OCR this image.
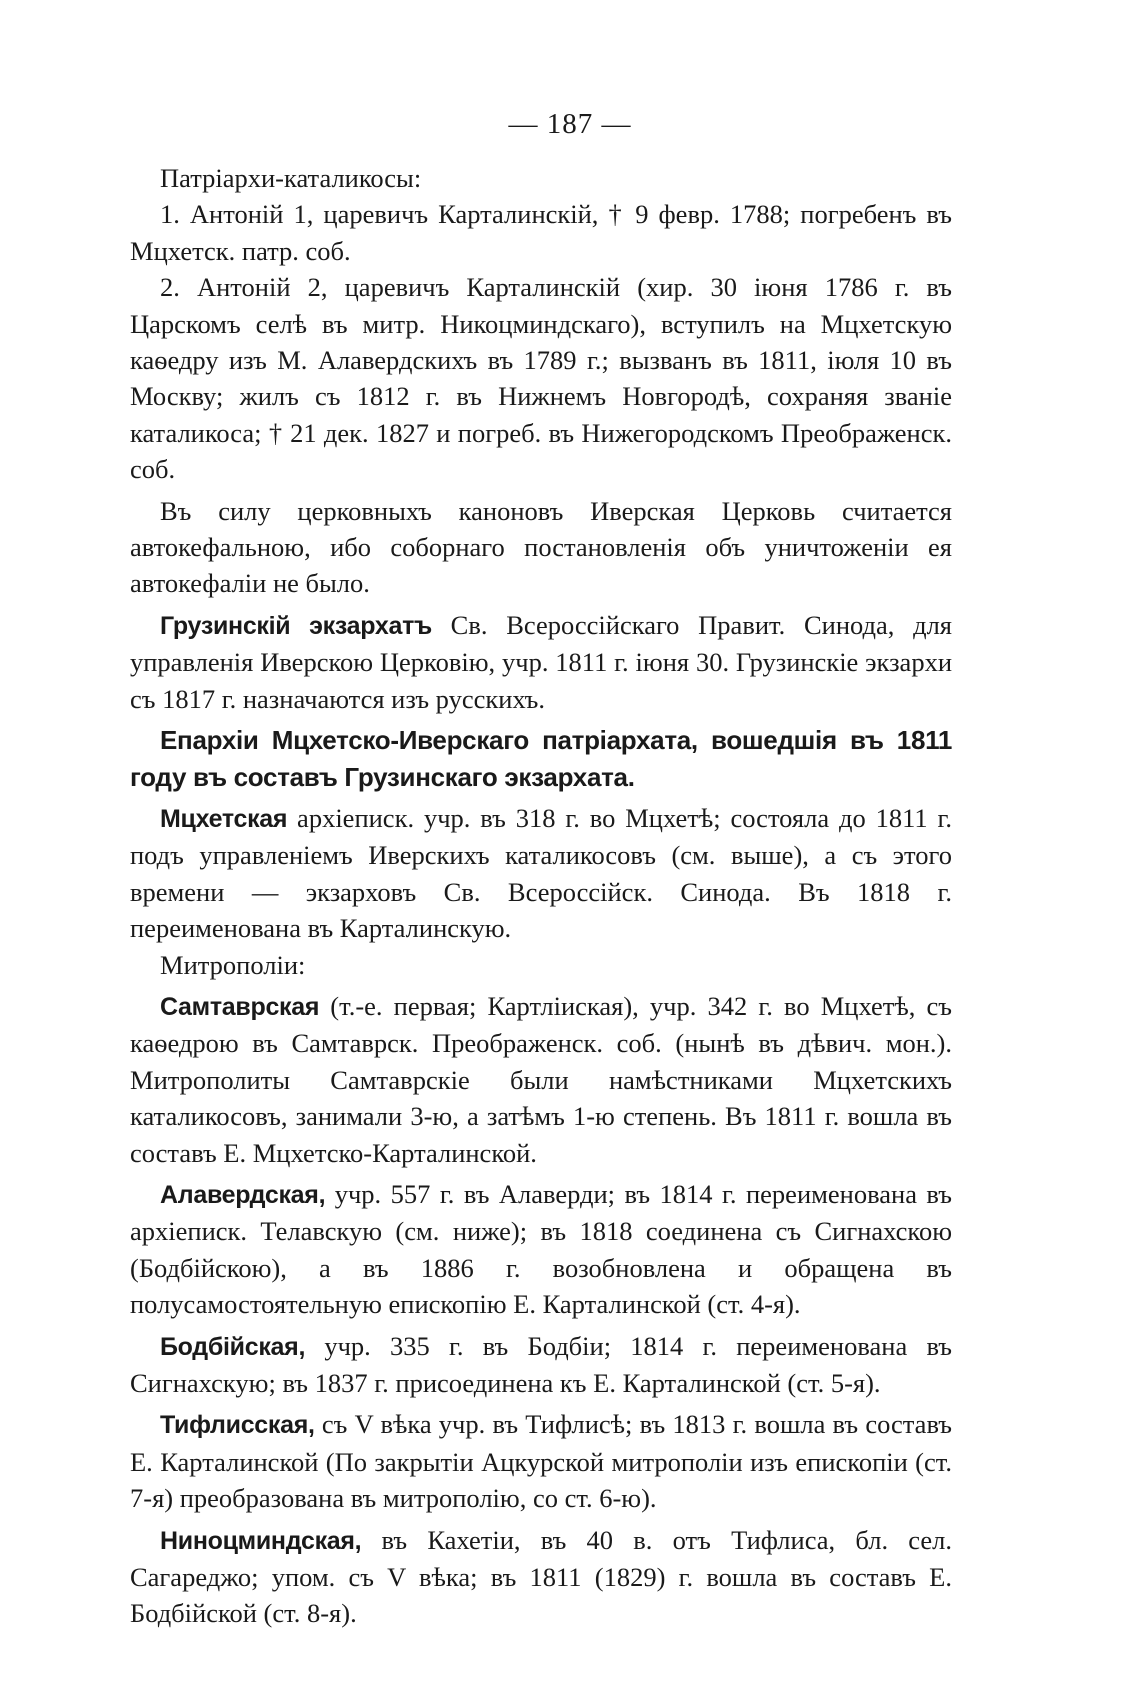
— 187 —

Патріархи-каталикосы:

1. Антоній 1, царевичъ Карталинскій, † 9 февр. 1788; погребенъ въ Мцхетск. патр. соб.

2. Антоній 2, царевичъ Карталинскій (хир. 30 іюня 1786 г. въ Царскомъ селѣ въ митр. Никоцминдскаго), вступилъ на Мцхетскую каѳедру изъ М. Алавердскихъ въ 1789 г.; вызванъ въ 1811, іюля 10 въ Москву; жилъ съ 1812 г. въ Нижнемъ Новгородѣ, сохраняя званіе каталикоса; † 21 дек. 1827 и погреб. въ Нижегородскомъ Преображенск. соб.

Въ силу церковныхъ каноновъ Иверская Церковь считается автокефальною, ибо соборнаго постановленія объ уничтоженіи ея автокефаліи не было.

Грузинскій экзархатъ Св. Всероссійскаго Правит. Синода, для управленія Иверскою Церковію, учр. 1811 г. іюня 30. Грузинскіе экзархи съ 1817 г. назначаются изъ русскихъ.

Епархіи Мцхетско-Иверскаго патріархата, вошедшія въ 1811 году въ составъ Грузинскаго экзархата.

Мцхетская архіеписк. учр. въ 318 г. во Мцхетѣ; состояла до 1811 г. подъ управленіемъ Иверскихъ каталикосовъ (см. выше), а съ этого времени — экзарховъ Св. Всероссійск. Синода. Въ 1818 г. переименована въ Карталинскую.

Митрополіи:

Самтаврская (т.-е. первая; Картлiиская), учр. 342 г. во Мцхетѣ, съ каѳедрою въ Самтаврск. Преображенск. соб. (нынѣ въ дѣвич. мон.). Митрополиты Самтаврскіе были намѣстниками Мцхетскихъ каталикосовъ, занимали 3-ю, а затѣмъ 1-ю степень. Въ 1811 г. вошла въ составъ Е. Мцхетско-Карталинской.

Алавердская, учр. 557 г. въ Алаверди; въ 1814 г. переименована въ архіеписк. Телавскую (см. ниже); въ 1818 соединена съ Сигнахскою (Бодбійскою), а въ 1886 г. возобновлена и обращена въ полусамостоятельную епископію Е. Карталинской (ст. 4-я).

Бодбійская, учр. 335 г. въ Бодбіи; 1814 г. переименована въ Сигнахскую; въ 1837 г. присоединена къ Е. Карталинской (ст. 5-я).

Тифлисская, съ V вѣка учр. въ Тифлисѣ; въ 1813 г. вошла въ составъ Е. Карталинской (По закрытіи Ацкурской митрополіи изъ епископіи (ст. 7-я) преобразована въ митрополію, со ст. 6-ю).

Ниноцминдская, въ Кахетіи, въ 40 в. отъ Тифлиса, бл. сел. Сагареджо; упом. съ V вѣка; въ 1811 (1829) г. вошла въ составъ Е. Бодбійской (ст. 8-я).
